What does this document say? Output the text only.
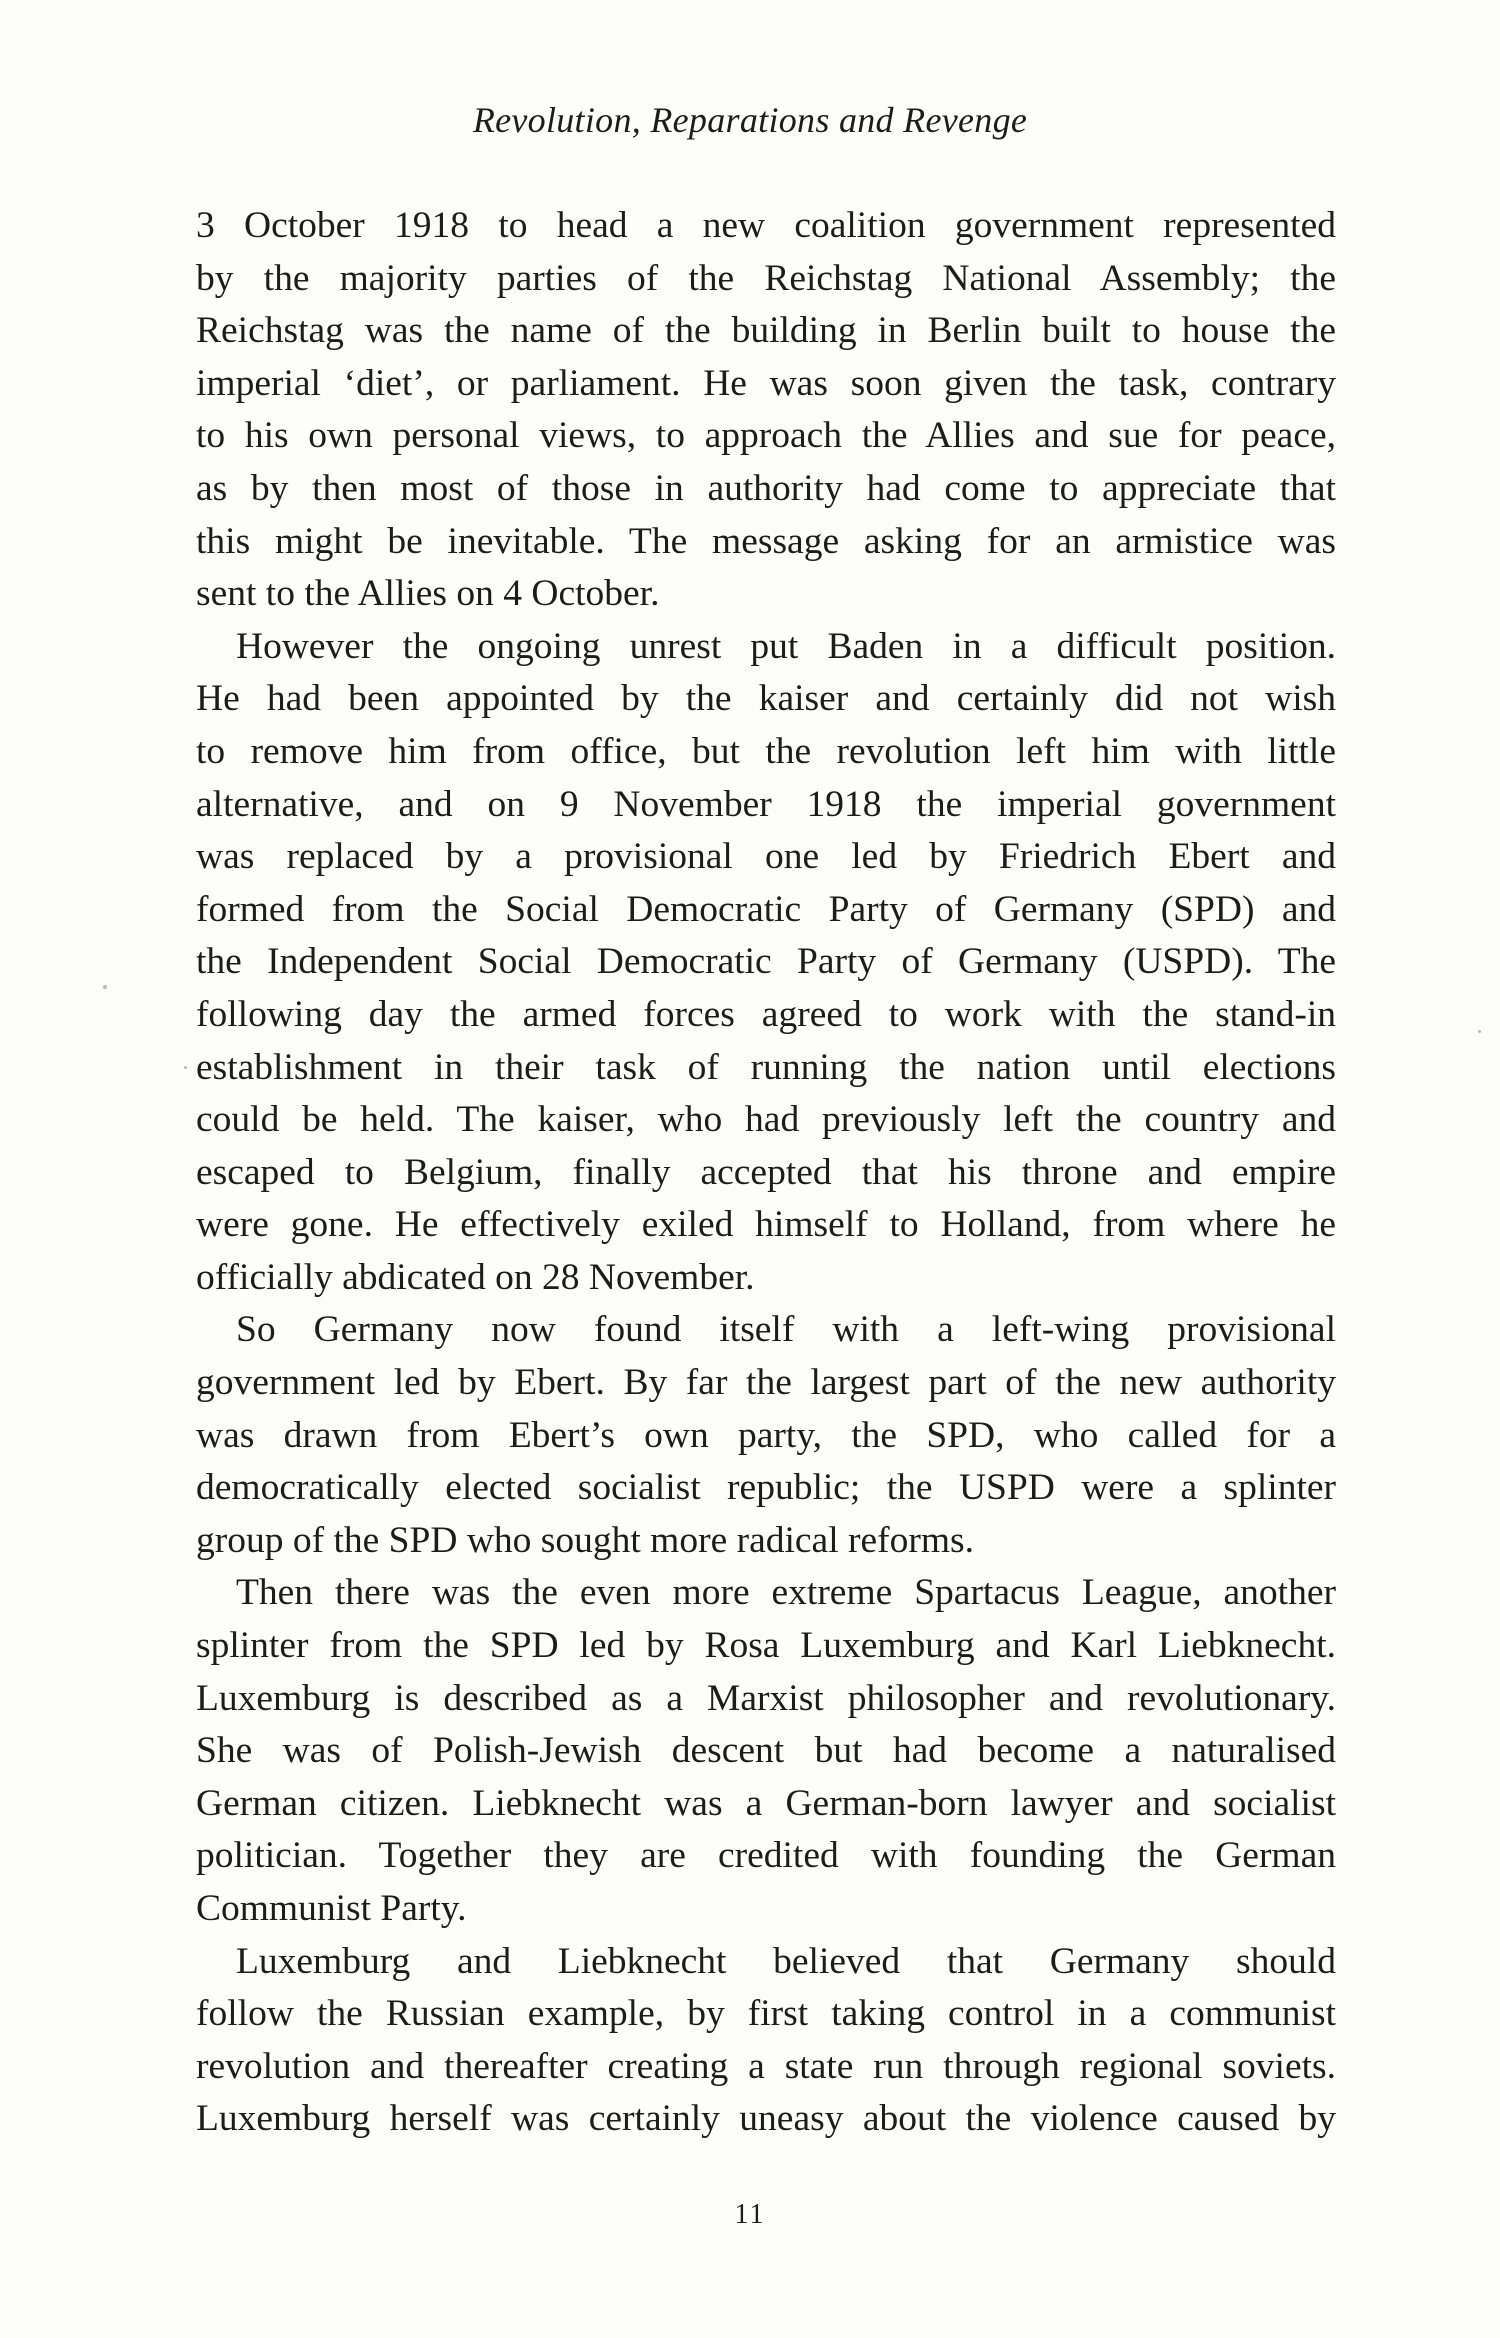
Revolution, Reparations and Revenge

3 October 1918 to head a new coalition government represented
by the majority parties of the Reichstag National Assembly; the
Reichstag was the name of the building in Berlin built to house the
imperial ‘diet’, or parliament. He was soon given the task, contrary
to his own personal views, to approach the Allies and sue for peace,
as by then most of those in authority had come to appreciate that
this might be inevitable. The message asking for an armistice was
sent to the Allies on 4 October.

However the ongoing unrest put Baden in a difficult position.
He had been appointed by the kaiser and certainly did not wish
to remove him from office, but the revolution left him with little
alternative, and on 9 November 1918 the imperial government
was replaced by a provisional one led by Friedrich Ebert and
formed from the Social Democratic Party of Germany (SPD) and
the Independent Social Democratic Party of Germany (USPD). The
following day the armed forces agreed to work with the stand-in
establishment in their task of running the nation until elections
could be held. The kaiser, who had previously left the country and
escaped to Belgium, finally accepted that his throne and empire
were gone. He effectively exiled himself to Holland, from where he
officially abdicated on 28 November.

So Germany now found itself with a left-wing provisional
government led by Ebert. By far the largest part of the new authority
was drawn from Ebert’s own party, the SPD, who called for a
democratically elected socialist republic; the USPD were a splinter
group of the SPD who sought more radical reforms.

Then there was the even more extreme Spartacus League, another
splinter from the SPD led by Rosa Luxemburg and Karl Liebknecht.
Luxemburg is described as a Marxist philosopher and revolutionary.
She was of Polish-Jewish descent but had become a naturalised
German citizen. Liebknecht was a German-born lawyer and socialist
politician. Together they are credited with founding the German
Communist Party.

Luxemburg and Liebknecht believed that Germany should
follow the Russian example, by first taking control in a communist
revolution and thereafter creating a state run through regional soviets.
Luxemburg herself was certainly uneasy about the violence caused by

11
